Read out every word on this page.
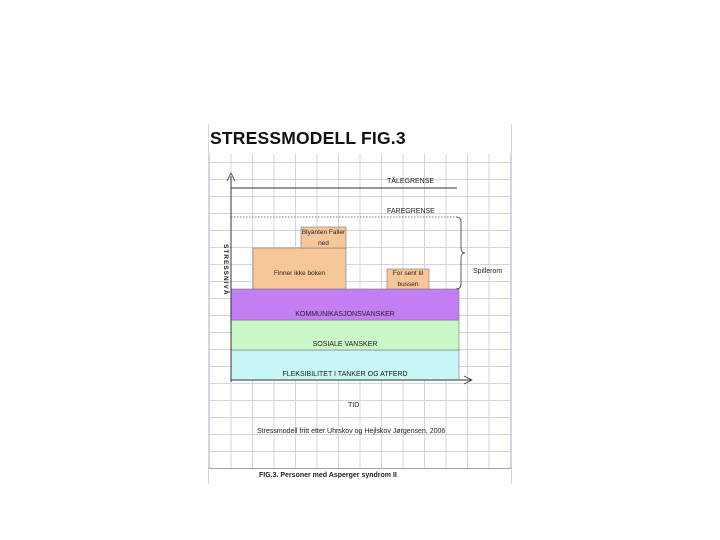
STRESSMODELL FIG.3
STRESSNIVÅ
TÅLEGRENSE
FAREGRENSE
Spillerom
Blyanten Faller ned
Finner ikke boken	For sent til bussen
KOMMUNIKASJONSVANSKER
SOSIALE VANSKER
FLEKSIBILITET I TANKER OG ATFERD
TID
Stressmodell fritt etter Uhrskov og Hejlskov Jørgensen, 2006
FIG.3. Personer med Asperger syndrom II
